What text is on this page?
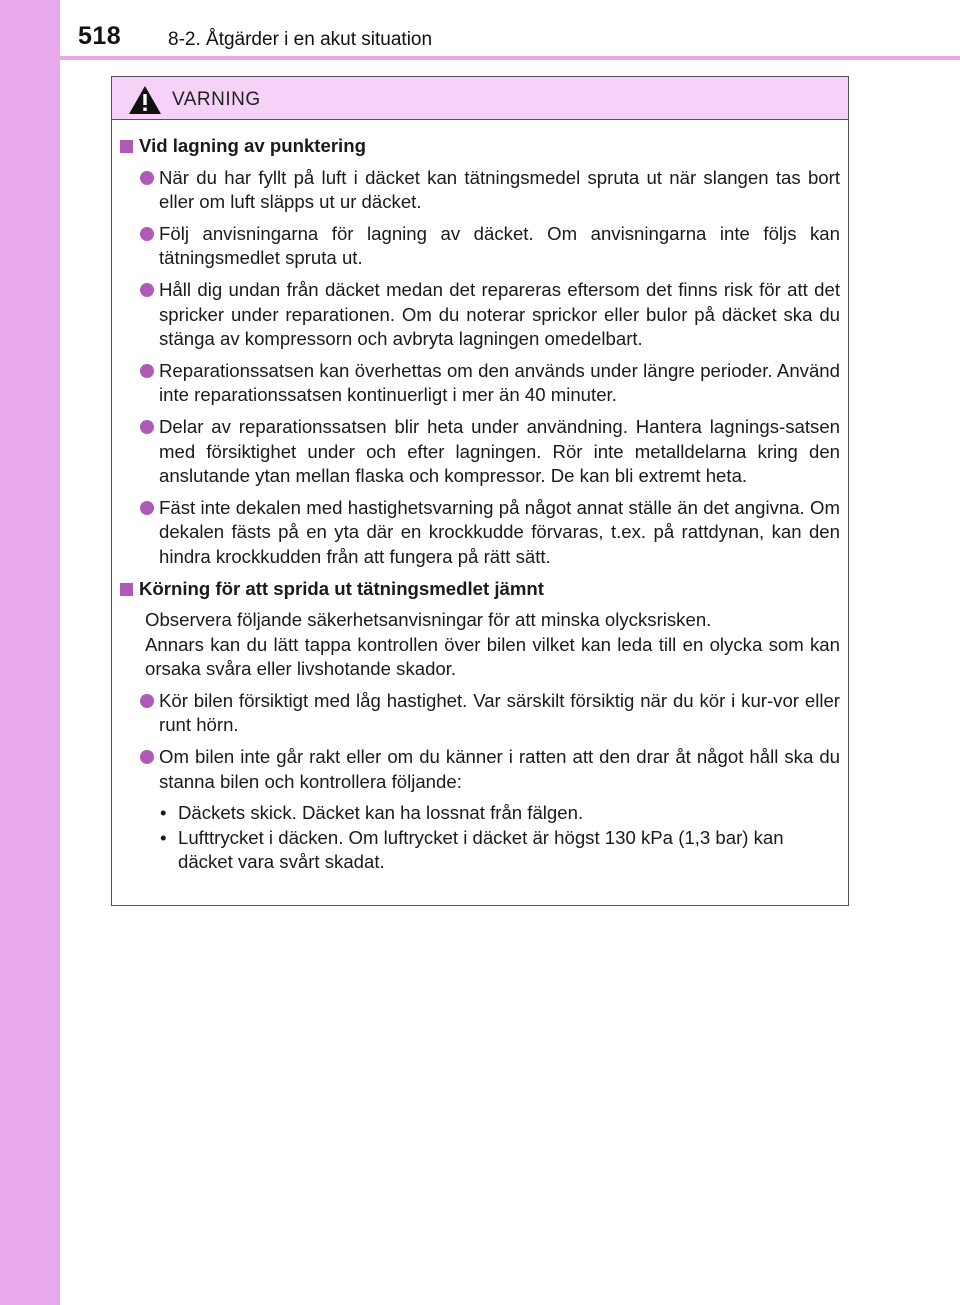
518 8-2. Åtgärder i en akut situation
VARNING
Vid lagning av punktering
När du har fyllt på luft i däcket kan tätningsmedel spruta ut när slangen tas bort eller om luft släpps ut ur däcket.
Följ anvisningarna för lagning av däcket. Om anvisningarna inte följs kan tätningsmedlet spruta ut.
Håll dig undan från däcket medan det repareras eftersom det finns risk för att det spricker under reparationen. Om du noterar sprickor eller bulor på däcket ska du stänga av kompressorn och avbryta lagningen omedelbart.
Reparationssatsen kan överhettas om den används under längre perioder. Använd inte reparationssatsen kontinuerligt i mer än 40 minuter.
Delar av reparationssatsen blir heta under användning. Hantera lagnings-satsen med försiktighet under och efter lagningen. Rör inte metalldelarna kring den anslutande ytan mellan flaska och kompressor. De kan bli extremt heta.
Fäst inte dekalen med hastighetsvarning på något annat ställe än det angivna. Om dekalen fästs på en yta där en krockkudde förvaras, t.ex. på rattdynan, kan den hindra krockkudden från att fungera på rätt sätt.
Körning för att sprida ut tätningsmedlet jämnt

Observera följande säkerhetsanvisningar för att minska olycksrisken.

Annars kan du lätt tappa kontrollen över bilen vilket kan leda till en olycka som kan orsaka svåra eller livshotande skador.

Kör bilen försiktigt med låg hastighet. Var särskilt försiktig när du kör i kur-vor eller runt hörn.
Om bilen inte går rakt eller om du känner i ratten att den drar åt något håll ska du stanna bilen och kontrollera följande:
• Däckets skick. Däcket kan ha lossnat från fälgen.
• Lufttrycket i däcken. Om luftrycket i däcket är högst 130 kPa (1,3 bar) kan däcket vara svårt skadat.
